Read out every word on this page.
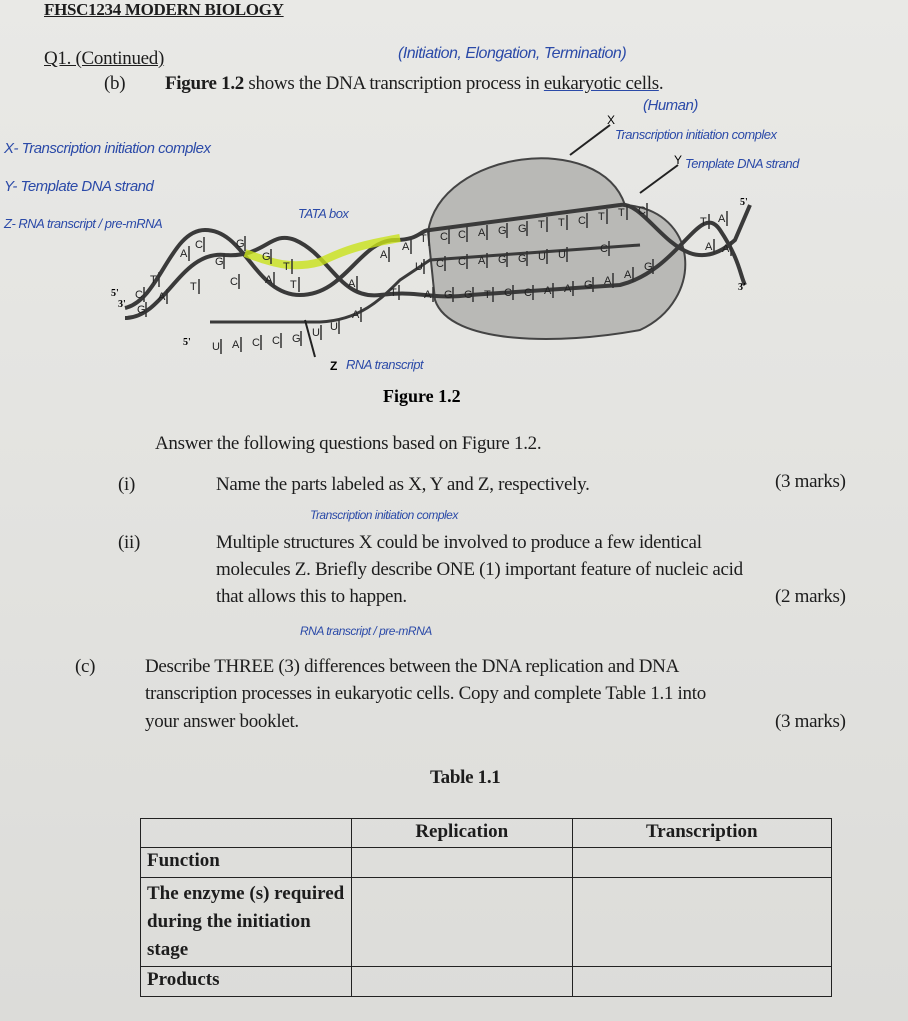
FHSC1234 MODERN BIOLOGY
Q1. (Continued)	(Initiation, Elongation, Termination)
(b) Figure 1.2 shows the DNA transcription process in eukaryotic cells.
(Human)
X- Transcription initiation complex
Y- Template DNA strand
Z- RNA transcript / pre-mRNA
TATA box
Transcription initiation complex
Template DNA strand
RNA transcript
C
T
A
C	G
G
T
A
A
T C C A G G T T C T T C
T A
G
A
T
G
C A T	A
T A G G T C C A A G A A
G
A A
U A C C G U U
A
U C C A G G U U	C
X
Y
Z
5'
3'
5'
3'
5'
Figure 1.2
Answer the following questions based on Figure 1.2.
(i)	Name the parts labeled as X, Y and Z, respectively.	(3 marks)
Transcription initiation complex
(ii)	Multiple structures X could be involved to produce a few identical
molecules Z. Briefly describe ONE (1) important feature of nucleic acid
that allows this to happen.	(2 marks)
RNA transcript / pre-mRNA
(c)	Describe THREE (3) differences between the DNA replication and DNA
transcription processes in eukaryotic cells. Copy and complete Table 1.1 into
your answer booklet.	(3 marks)
Table 1.1
	Replication	Transcription
Function		
The enzyme (s) required during the initiation stage		
Products		
